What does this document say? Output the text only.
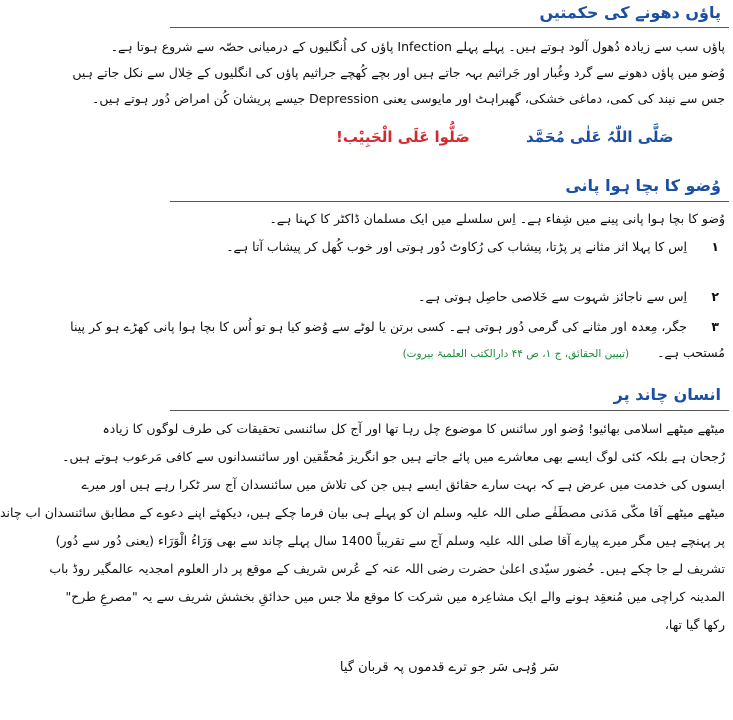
پاؤں دھونے کی حکمتیں
پاؤں سب سے زیادہ دُھول آلود ہوتے ہیں۔ پہلے پہلے Infection پاؤں کی اُنگلیوں کے درمیانی حصّہ سے شروع ہوتا ہے۔
وُضو میں پاؤں دھونے سے گرد وغُبار اور جَراثیم بہہ جاتے ہیں اور بچے کُھچے جراثیم پاؤں کی انگلیوں کے خِلال سے نکل جاتے ہیں
جس سے نیند کی کمی، دماغی خشکی، گھبراہٹ اور مایوسی یعنی Depression جیسے پریشان کُن امراض دُور ہوتے ہیں۔
صَلُّوا عَلَی الْحَبِیْب!	صَلَّی اللّٰہُ عَلٰی مُحَمَّد
وُضو کا بچا ہوا پانی
وُضو کا بچا ہوا پانی پینے میں شِفاء ہے۔ اِس سلسلے میں ایک مسلمان ڈاکٹر کا کہنا ہے۔
۱
اِس کا پہلا اثر مثانے پر پڑتا، پیشاب کی رُکاوٹ دُور ہوتی اور خوب کُھل کر پیشاب آتا ہے۔
۲
اِس سے ناجائز شہوت سے خَلاصی حاصِل ہوتی ہے۔
۳
جگر، مِعدہ اور مثانے کی گرمی دُور ہوتی ہے۔ کسی برتن یا لوٹے سے وُضو کیا ہو تو اُس کا بچا ہوا پانی کھڑے ہو کر پینا
مُستحب ہے۔ (تبیین الحقائق، ج ۱، ص ۴۴ دارالکتب العلمیۃ بیروت)
انسان چاند پر
میٹھے میٹھے اسلامی بھائیو! وُضو اور سائنس کا موضوع چل رہا تھا اور آج کل سائنسی تحقیقات کی طرف لوگوں کا زیادہ
رُجحان ہے بلکہ کئی لوگ ایسے بھی معاشرے میں پائے جاتے ہیں جو انگریز مُحقّقین اور سائنسدانوں سے کافی مَرعوب ہوتے ہیں۔
ایسوں کی خدمت میں عرض ہے کہ بہت سارے حقائق ایسے ہیں جن کی تلاش میں سائنسدان آج سر ٹکرا رہے ہیں اور میرے
میٹھے میٹھے آقا مکّی مَدَنی مصطَفٰے صلی اللہ علیہ وسلم ان کو پہلے ہی بیان فرما چکے ہیں، دیکھئے اپنے دعوے کے مطابق سائنسدان اب چاند
پر پہنچے ہیں مگر میرے پیارے آقا صلی اللہ علیہ وسلم آج سے تقریباً 1400 سال پہلے چاند سے بھی وَرَاءُ الْوَرَاء (یعنی دُور سے دُور)
تشریف لے جا چکے ہیں۔ حُضور سیّدی اعلیٰ حضرت رضی اللہ عنہ کے عُرس شریف کے موقع پر دار العلوم امجدیہ عالمگیر روڈ باب
المدینہ کراچی میں مُنعقِد ہونے والے ایک مشاعِرہ میں شرکت کا موقع ملا جس میں حدائقِ بخشش شریف سے یہ "مصرعِ طرح"
رکھا گیا تھا،
سَر وُہی سَر جو ترے قدموں پہ قربان گیا
